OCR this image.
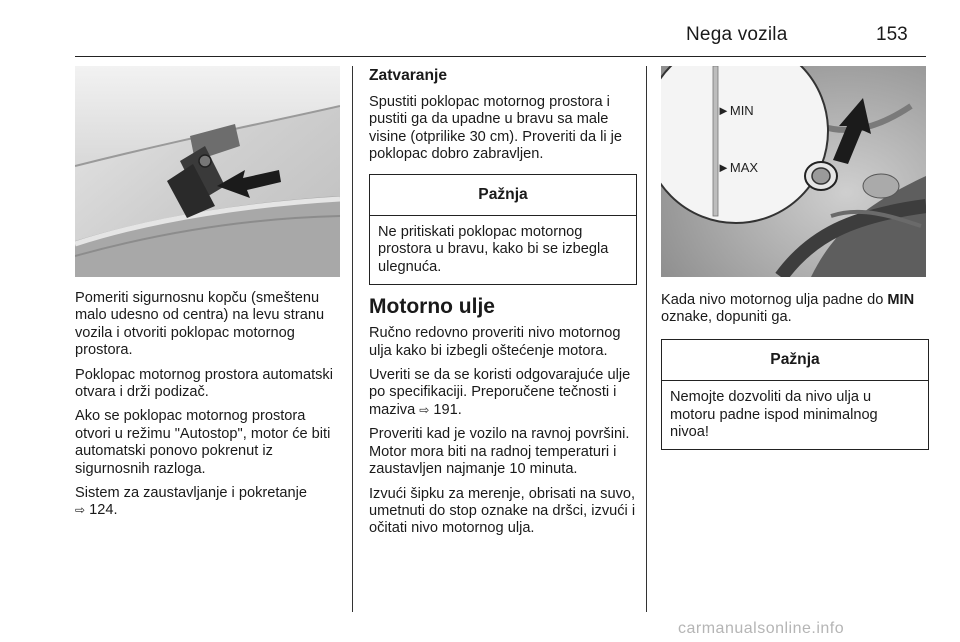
Nega vozila	153

Pomeriti sigurnosnu kopču (smeštenu malo udesno od centra) na levu stranu vozila i otvoriti poklopac motornog prostora.

Poklopac motornog prostora automatski otvara i drži podizač.

Ako se poklopac motornog prostora otvori u režimu "Autostop", motor će biti automatski ponovo pokrenut iz sigurnosnih razloga.

Sistem za zaustavljanje i pokretanje
⇨ 124.

Zatvaranje

Spustiti poklopac motornog prostora i pustiti ga da upadne u bravu sa male visine (otprilike 30 cm). Proveriti da li je poklopac dobro zabravljen.

Pažnja
Ne pritiskati poklopac motornog prostora u bravu, kako bi se izbegla ulegnuća.
Motorno ulje

Ručno redovno proveriti nivo motornog ulja kako bi izbegli oštećenje motora.

Uveriti se da se koristi odgovarajuće ulje po specifikaciji. Preporučene tečnosti i maziva ⇨ 191.

Proveriti kad je vozilo na ravnoj površini. Motor mora biti na radnoj temperaturi i zaustavljen najmanje 10 minuta.

Izvući šipku za merenje, obrisati na suvo, umetnuti do stop oznake na dršci, izvući i očitati nivo motornog ulja.

►MIN
►MAX

Kada nivo motornog ulja padne do MIN oznake, dopuniti ga.

Pažnja
Nemojte dozvoliti da nivo ulja u motoru padne ispod minimalnog nivoa!
carmanualsonline.info
